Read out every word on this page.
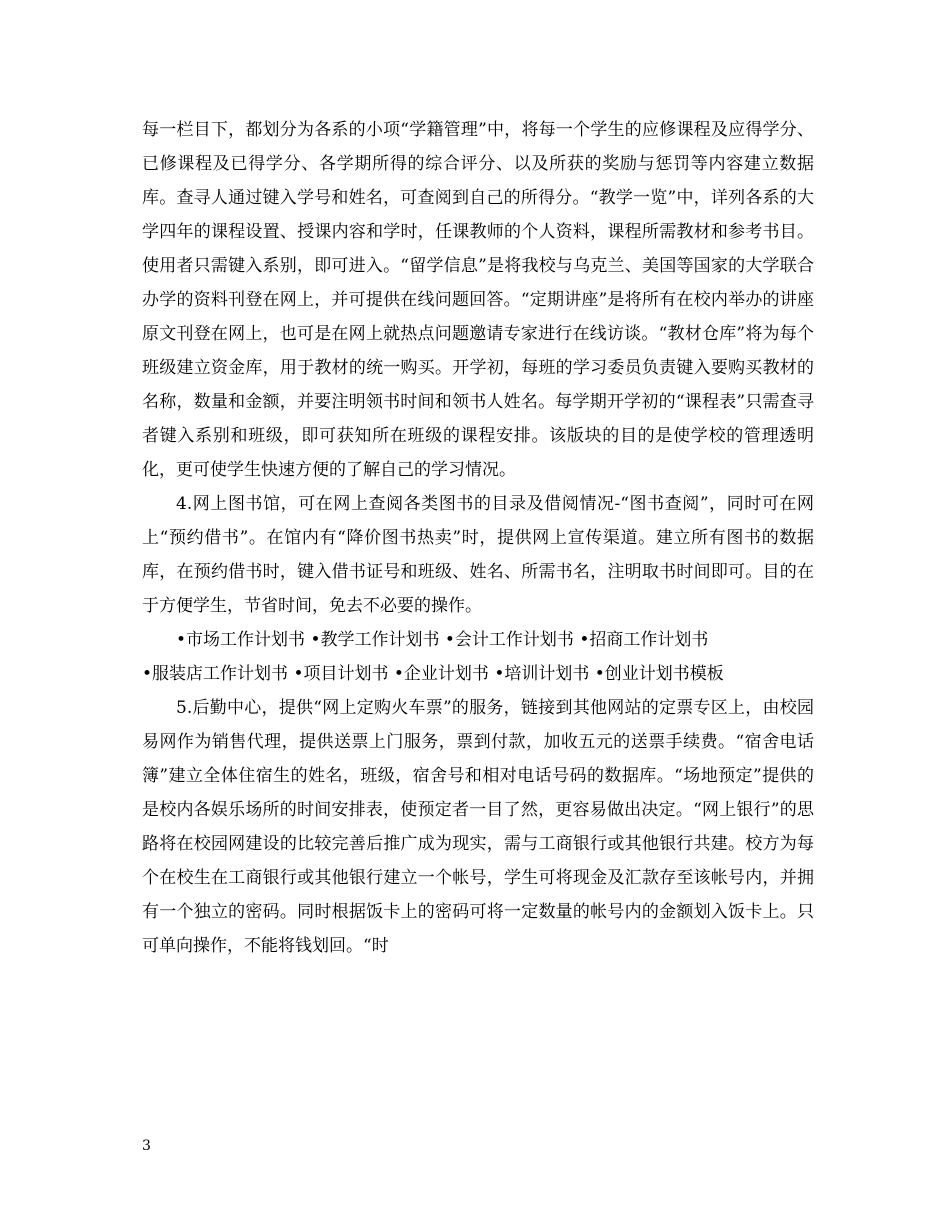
每一栏目下，都划分为各系的小项“学籍管理”中，将每一个学生的应修课程及应得学分、已修课程及已得学分、各学期所得的综合评分、以及所获的奖励与惩罚等内容建立数据库。查寻人通过键入学号和姓名，可查阅到自己的所得分。“教学一览”中，详列各系的大学四年的课程设置、授课内容和学时，任课教师的个人资料，课程所需教材和参考书目。使用者只需键入系别，即可进入。“留学信息”是将我校与乌克兰、美国等国家的大学联合办学的资料刊登在网上，并可提供在线问题回答。“定期讲座”是将所有在校内举办的讲座原文刊登在网上，也可是在网上就热点问题邀请专家进行在线访谈。“教材仓库”将为每个班级建立资金库，用于教材的统一购买。开学初，每班的学习委员负责键入要购买教材的名称，数量和金额，并要注明领书时间和领书人姓名。每学期开学初的“课程表”只需查寻者键入系别和班级，即可获知所在班级的课程安排。该版块的目的是使学校的管理透明化，更可使学生快速方便的了解自己的学习情况。

4.网上图书馆，可在网上查阅各类图书的目录及借阅情况-“图书查阅”，同时可在网上“预约借书”。在馆内有“降价图书热卖”时，提供网上宣传渠道。建立所有图书的数据库，在预约借书时，键入借书证号和班级、姓名、所需书名，注明取书时间即可。目的在于方便学生，节省时间，免去不必要的操作。

•市场工作计划书 •教学工作计划书 •会计工作计划书 •招商工作计划书 •服装店工作计划书 •项目计划书 •企业计划书 •培训计划书 •创业计划书模板

5.后勤中心，提供“网上定购火车票”的服务，链接到其他网站的定票专区上，由校园易网作为销售代理，提供送票上门服务，票到付款，加收五元的送票手续费。“宿舍电话簿”建立全体住宿生的姓名，班级，宿舍号和相对电话号码的数据库。“场地预定”提供的是校内各娱乐场所的时间安排表，使预定者一目了然，更容易做出决定。“网上银行”的思路将在校园网建设的比较完善后推广成为现实，需与工商银行或其他银行共建。校方为每个在校生在工商银行或其他银行建立一个帐号，学生可将现金及汇款存至该帐号内，并拥有一个独立的密码。同时根据饭卡上的密码可将一定数量的帐号内的金额划入饭卡上。只可单向操作，不能将钱划回。“时

3
